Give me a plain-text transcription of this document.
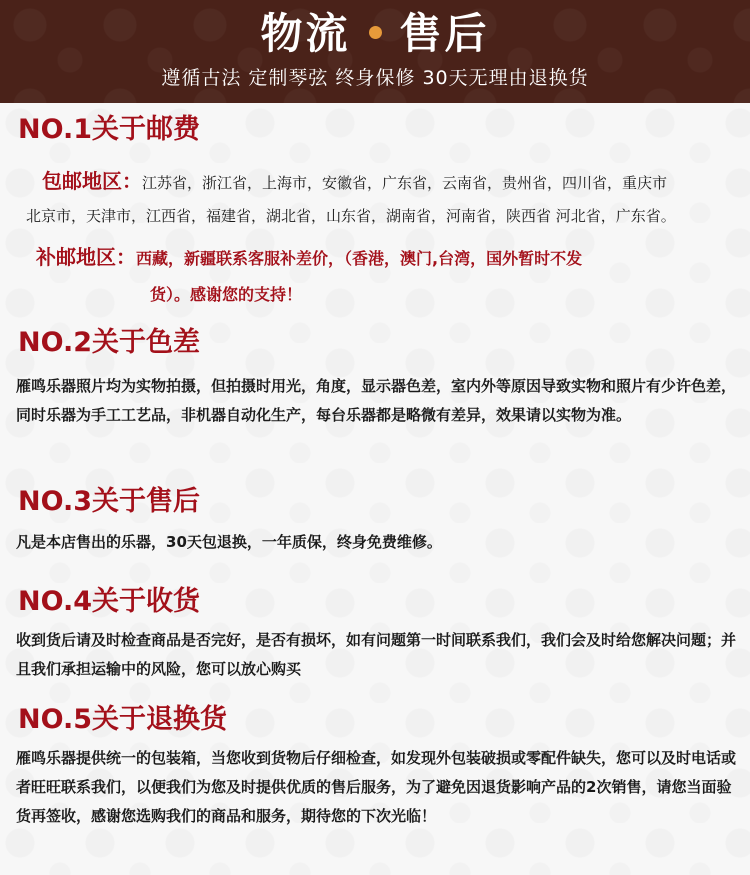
物流 售后
遵循古法 定制琴弦 终身保修 30天无理由退换货
NO.1关于邮费
包邮地区：江苏省，浙江省，上海市，安徽省，广东省，云南省，贵州省，四川省，重庆市
北京市，天津市，江西省，福建省，湖北省，山东省，湖南省，河南省，陕西省 河北省，广东省。
补邮地区：西藏，新疆联系客服补差价，（香港，澳门,台湾，国外暂时不发
货）。感谢您的支持！
NO.2关于色差
雁鸣乐器照片均为实物拍摄，但拍摄时用光，角度，显示器色差，室内外等原因导致实物和照片有少许色差，同时乐器为手工工艺品，非机器自动化生产，每台乐器都是略微有差异，效果请以实物为准。
NO.3关于售后
凡是本店售出的乐器，30天包退换，一年质保，终身免费维修。
NO.4关于收货
收到货后请及时检查商品是否完好，是否有损坏，如有问题第一时间联系我们，我们会及时给您解决问题；并且我们承担运输中的风险，您可以放心购买
NO.5关于退换货
雁鸣乐器提供统一的包装箱，当您收到货物后仔细检查，如发现外包装破损或零配件缺失，您可以及时电话或者旺旺联系我们，以便我们为您及时提供优质的售后服务，为了避免因退货影响产品的2次销售，请您当面验货再签收，感谢您选购我们的商品和服务，期待您的下次光临！
